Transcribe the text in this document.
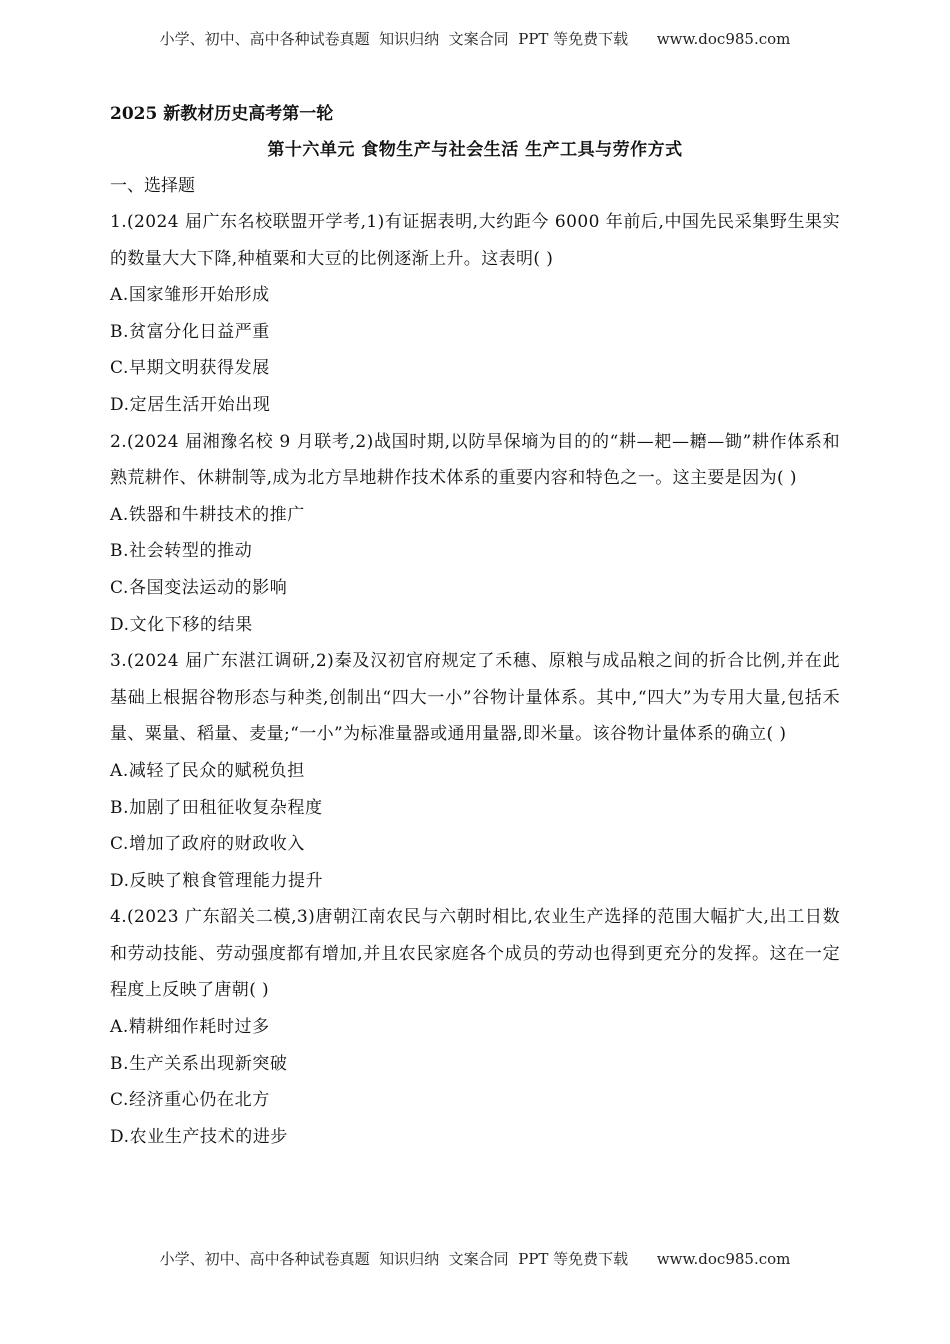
小学、初中、高中各种试卷真题  知识归纳  文案合同  PPT 等免费下载      www.doc985.com

2025 新教材历史高考第一轮

第十六单元 食物生产与社会生活 生产工具与劳作方式

一、选择题

1.(2024 届广东名校联盟开学考,1)有证据表明,大约距今 6000 年前后,中国先民采集野生果实的数量大大下降,种植粟和大豆的比例逐渐上升。这表明( )

A.国家雏形开始形成

B.贫富分化日益严重

C.早期文明获得发展

D.定居生活开始出现

2.(2024 届湘豫名校 9 月联考,2)战国时期,以防旱保墒为目的的“耕—耙—耱—锄”耕作体系和熟荒耕作、休耕制等,成为北方旱地耕作技术体系的重要内容和特色之一。这主要是因为( )

A.铁器和牛耕技术的推广

B.社会转型的推动

C.各国变法运动的影响

D.文化下移的结果

3.(2024 届广东湛江调研,2)秦及汉初官府规定了禾穗、原粮与成品粮之间的折合比例,并在此基础上根据谷物形态与种类,创制出“四大一小”谷物计量体系。其中,“四大”为专用大量,包括禾量、粟量、稻量、麦量;“一小”为标准量器或通用量器,即米量。该谷物计量体系的确立( )

A.减轻了民众的赋税负担

B.加剧了田租征收复杂程度

C.增加了政府的财政收入

D.反映了粮食管理能力提升

4.(2023 广东韶关二模,3)唐朝江南农民与六朝时相比,农业生产选择的范围大幅扩大,出工日数和劳动技能、劳动强度都有增加,并且农民家庭各个成员的劳动也得到更充分的发挥。这在一定程度上反映了唐朝( )

A.精耕细作耗时过多

B.生产关系出现新突破

C.经济重心仍在北方

D.农业生产技术的进步

小学、初中、高中各种试卷真题  知识归纳  文案合同  PPT 等免费下载      www.doc985.com
